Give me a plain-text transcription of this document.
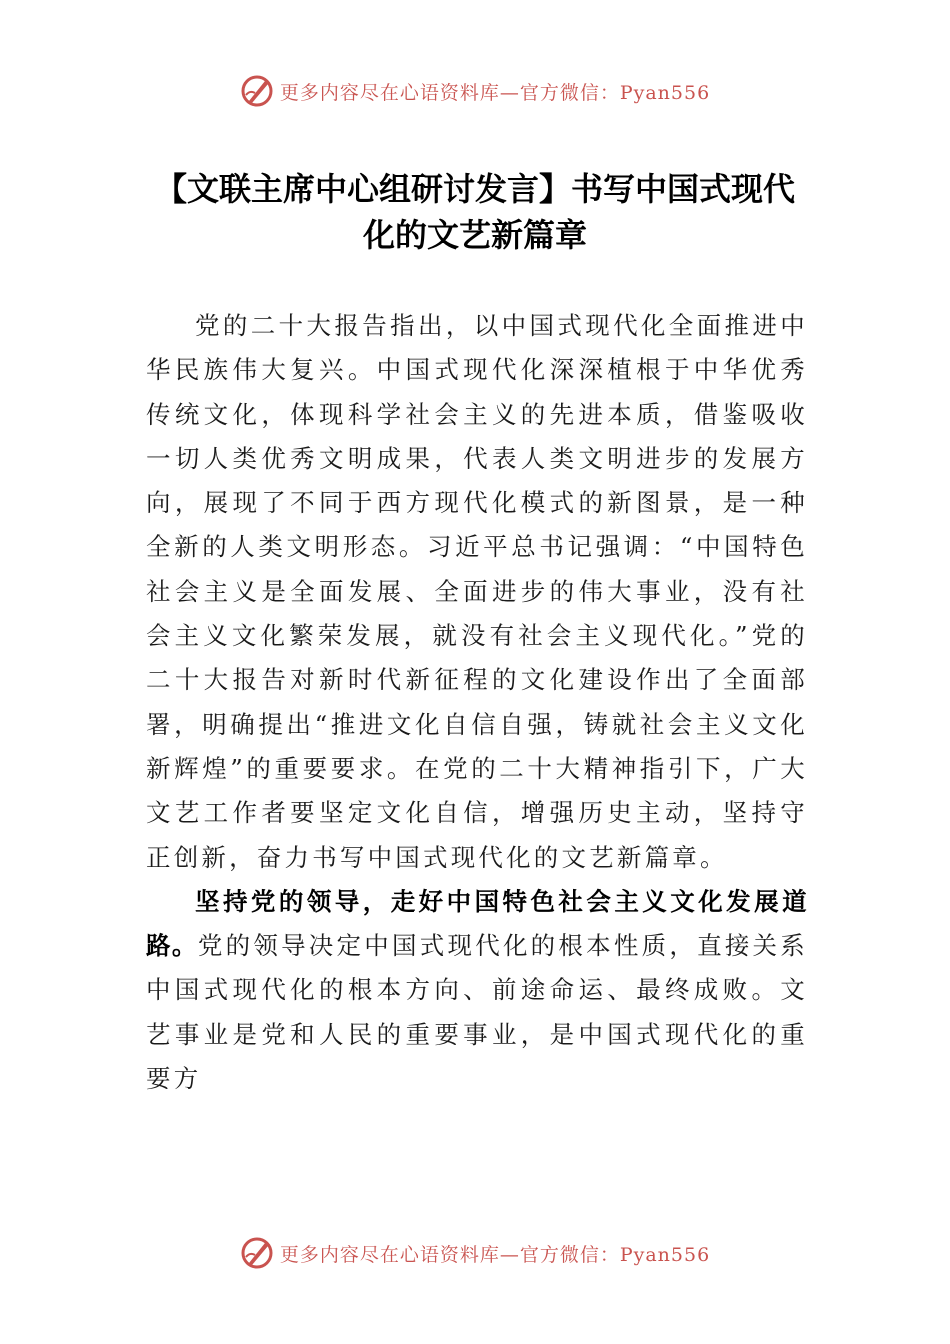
更多内容尽在心语资料库—官方微信：Pyan556
【文联主席中心组研讨发言】书写中国式现代化的文艺新篇章

党的二十大报告指出，以中国式现代化全面推进中华民族伟大复兴。中国式现代化深深植根于中华优秀传统文化，体现科学社会主义的先进本质，借鉴吸收一切人类优秀文明成果，代表人类文明进步的发展方向，展现了不同于西方现代化模式的新图景，是一种全新的人类文明形态。习近平总书记强调：“中国特色社会主义是全面发展、全面进步的伟大事业，没有社会主义文化繁荣发展，就没有社会主义现代化。”党的二十大报告对新时代新征程的文化建设作出了全面部署，明确提出“推进文化自信自强，铸就社会主义文化新辉煌”的重要要求。在党的二十大精神指引下，广大文艺工作者要坚定文化自信，增强历史主动，坚持守正创新，奋力书写中国式现代化的文艺新篇章。

坚持党的领导，走好中国特色社会主义文化发展道路。党的领导决定中国式现代化的根本性质，直接关系中国式现代化的根本方向、前途命运、最终成败。文艺事业是党和人民的重要事业，是中国式现代化的重要方

更多内容尽在心语资料库—官方微信：Pyan556
